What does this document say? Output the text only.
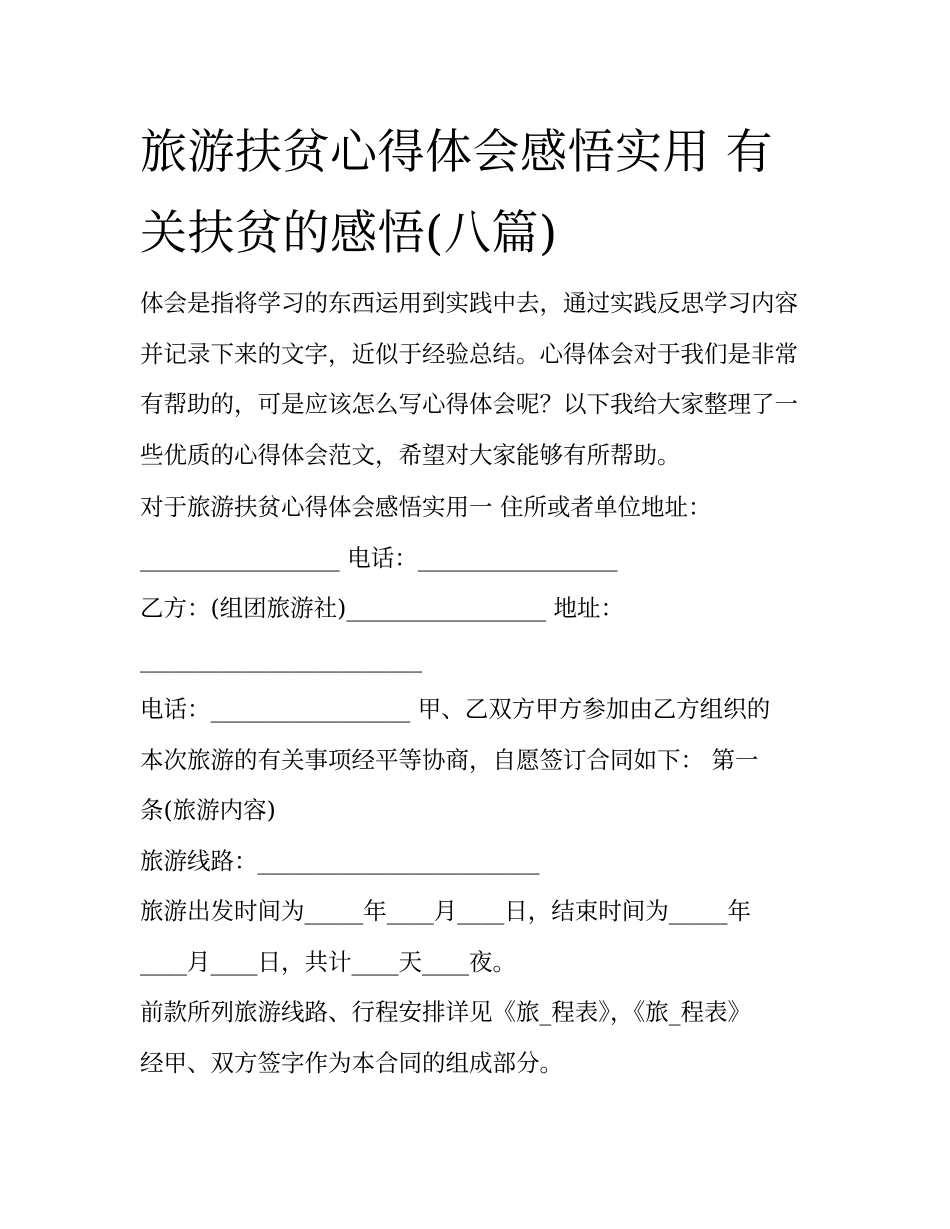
旅游扶贫心得体会感悟实用 有关扶贫的感悟(八篇)

体会是指将学习的东西运用到实践中去，通过实践反思学习内容并记录下来的文字，近似于经验总结。心得体会对于我们是非常有帮助的，可是应该怎么写心得体会呢？以下我给大家整理了一些优质的心得体会范文，希望对大家能够有所帮助。

对于旅游扶贫心得体会感悟实用一 住所或者单位地址：

_________________ 电话：_________________

乙方：(组团旅游社)_________________ 地址：

________________________

电话：_________________ 甲、乙双方甲方参加由乙方组织的

本次旅游的有关事项经平等协商，自愿签订合同如下： 第一

条(旅游内容)

旅游线路：________________________

旅游出发时间为_____年____月____日，结束时间为_____年

____月____日，共计____天____夜。

前款所列旅游线路、行程安排详见《旅_程表》，《旅_程表》

经甲、双方签字作为本合同的组成部分。
